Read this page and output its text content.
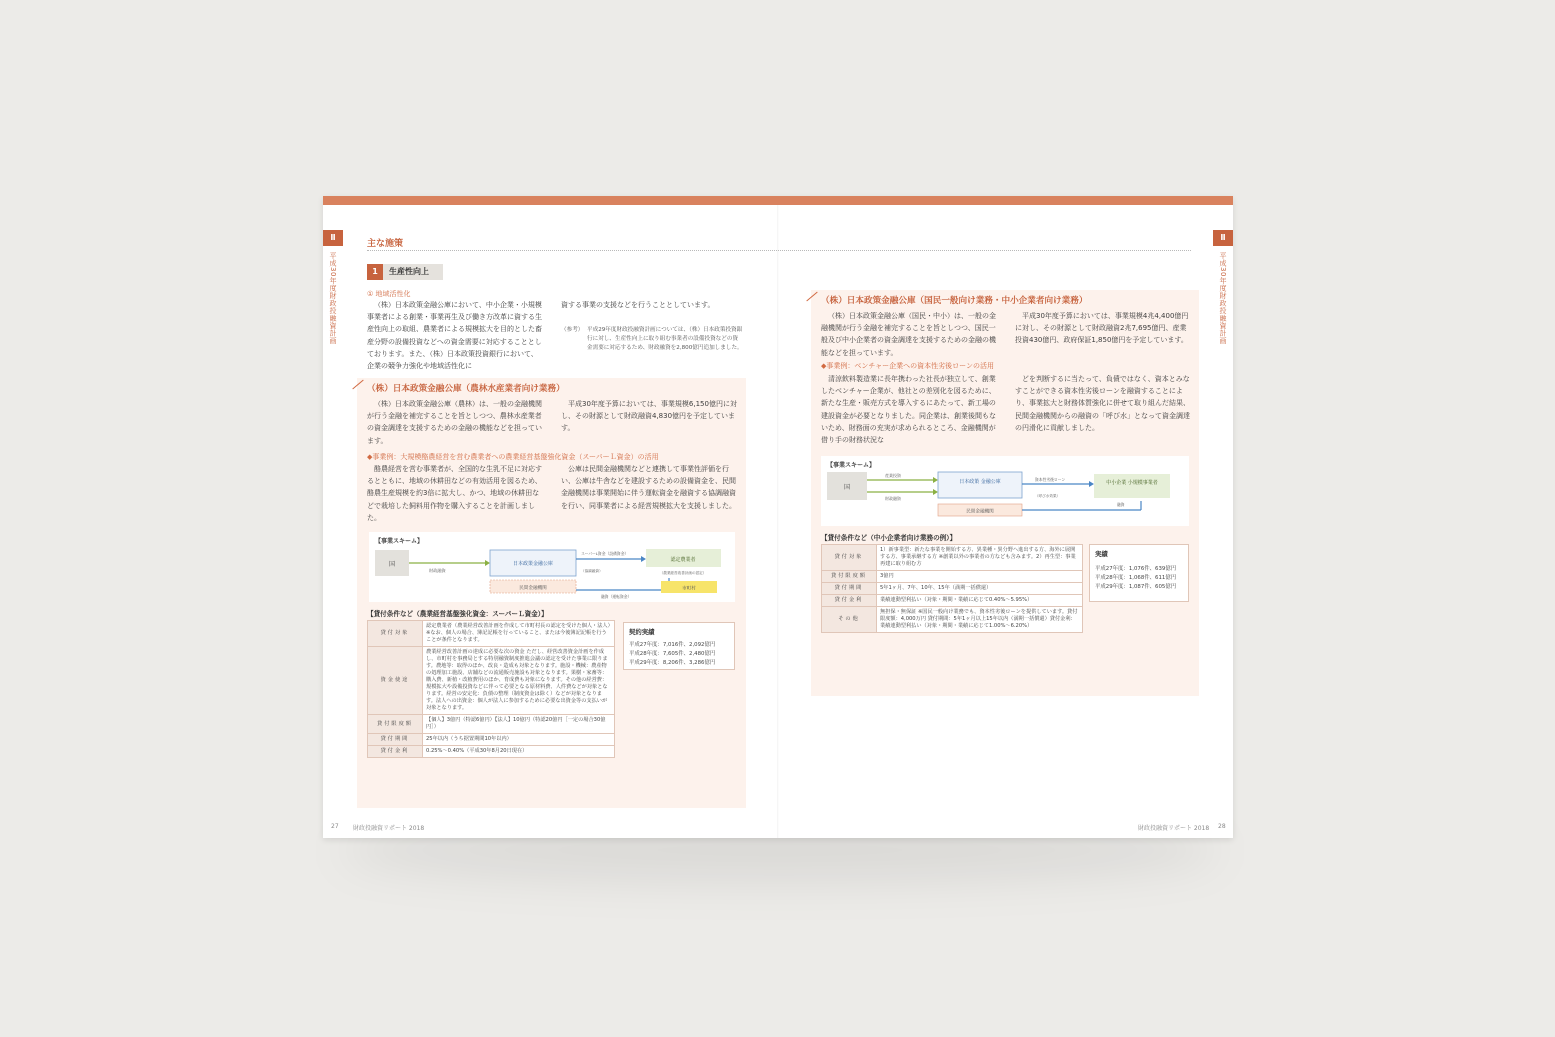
Ⅱ
平成30年度財政投融資計画
主な施策
1	生産性向上
① 地域活性化

（株）日本政策金融公庫において、中小企業・小規模事業者による創業・事業再生及び働き方改革に資する生産性向上の取組、農業者による規模拡大を目的とした畜産分野の設備投資などへの資金需要に対応することとしております。また、（株）日本政策投資銀行において、企業の競争力強化や地域活性化に

資する事業の支援などを行うこととしています。
（参考） 平成29年度財政投融資計画については、（株）日本政策投資銀行に対し、生産性向上に取り組む事業者の設備投資などの資金需要に対応するため、財政融資を2,800億円追加しました。
（株）日本政策金融公庫（農林水産業者向け業務）

（株）日本政策金融公庫（農林）は、一般の金融機関が行う金融を補完することを旨としつつ、農林水産業者の資金調達を支援するための金融の機能などを担っています。

平成30年度予算においては、事業規模6,150億円に対し、その財源として財政融資4,830億円を予定しています。

◆事業例：大規模酪農経営を営む農業者への農業経営基盤強化資金（スーパーＬ資金）の活用

酪農経営を営む事業者が、全国的な生乳不足に対応するとともに、地域の休耕田などの有効活用を図るため、酪農生産規模を約3倍に拡大し、かつ、地域の休耕田などで栽培した飼料用作物を購入することを計画しました。

公庫は民間金融機関などと連携して事業性評価を行い、公庫は牛舎などを建設するための設備資金を、民間金融機関は事業開始に伴う運転資金を融資する協調融資を行い、同事業者による経営規模拡大を支援しました。

【事業スキーム】
国
財政融資
日本政策金融公庫
民間金融機関
スーパーL資金（設備資金）
（協調融資）
融資（運転資金）
認定農業者
（農業経営改善計画の認定）
市町村
【貸付条件など（農業経営基盤強化資金：スーパーＬ資金）】
貸付対象	認定農業者（農業経営改善計画を作成して市町村長の認定を受けた個人・法人）※なお、個人の場合、簿記記帳を行っていること、または今後簿記記帳を行うことが条件となります。
資金使途	農業経営改善計画の達成に必要な次の資金 ただし、経営改善資金計画を作成し、市町村を事務局とする特別融資制度推進会議の認定を受けた事業に限ります。農地等：取得のほか、改良・造成も対象となります。施設・機械：農産物の処理加工施設、店舗などの流通販売施設も対象となります。果樹・家畜等：購入費、新植・改植費用のほか、育成費も対象になります。その他の経営費：規模拡大や設備投資などに伴って必要となる原材料費、人件費などが対象となります。経営の安定化：負債の整理（制度資金は除く）などが対象となります。法人への出資金：個人が法人に参加するために必要な出資金等の支払いが対象となります。
貸付限度額	【個人】3億円（特認6億円）【法人】10億円（特認20億円［一定の場合30億円］）
貸付期間	25年以内（うち据置期間10年以内）
貸付金利	0.25%～0.40%（平成30年8月20日現在）
契約実績
平成27年度：7,016件、2,092億円
平成28年度：7,605件、2,480億円
平成29年度：8,206件、3,286億円
27 財政投融資リポート 2018
Ⅱ
平成30年度財政投融資計画
（株）日本政策金融公庫（国民一般向け業務・中小企業者向け業務）

（株）日本政策金融公庫（国民・中小）は、一般の金融機関が行う金融を補完することを旨としつつ、国民一般及び中小企業者の資金調達を支援するための金融の機能などを担っています。

平成30年度予算においては、事業規模4兆4,400億円に対し、その財源として財政融資2兆7,695億円、産業投資430億円、政府保証1,850億円を予定しています。

◆事業例：ベンチャー企業への資本性劣後ローンの活用

清涼飲料製造業に長年携わった社長が独立して、創業したベンチャー企業が、他社との差別化を図るために、新たな生産・販売方式を導入するにあたって、新工場の建設資金が必要となりました。同企業は、創業後間もないため、財務面の充実が求められるところ、金融機関が借り手の財務状況な

どを判断するに当たって、負債ではなく、資本とみなすことができる資本性劣後ローンを融資することにより、事業拡大と財務体質強化に併せて取り組んだ結果、民間金融機関からの融資の「呼び水」となって資金調達の円滑化に貢献しました。

【事業スキーム】
国
産業投資
財政融資
日本政策 金融公庫
民間金融機関
資本性劣後ローン
（呼び水効果）
融資
中小企業 小規模事業者
【貸付条件など（中小企業者向け業務の例）】
貸付対象	1）新事業型：新たな事業を開始する方、異業種・異分野へ進出する方、海外に展開する方、事業承継する方 ※創業以外の事業者の方なども含みます。2）再生型：事業再建に取り組む方
貸付限度額	3億円
貸付期間	5年1ヶ月、7年、10年、15年（満期一括償還）
貸付金利	業績連動型利払い（対象・期間・業績に応じて0.40%～5.95%）
その他	無担保・無保証 ※国民一般向け業務でも、資本性劣後ローンを提供しています。貸付限度額：4,000万円 貸付期間：5年1ヶ月以上15年以内（満期一括償還）貸付金利：業績連動型利払い（対象・期間・業績に応じて1.00%～6.20%）
実績
平成27年度：1,076件、639億円
平成28年度：1,068件、611億円
平成29年度：1,087件、605億円
財政投融資リポート 2018 28
